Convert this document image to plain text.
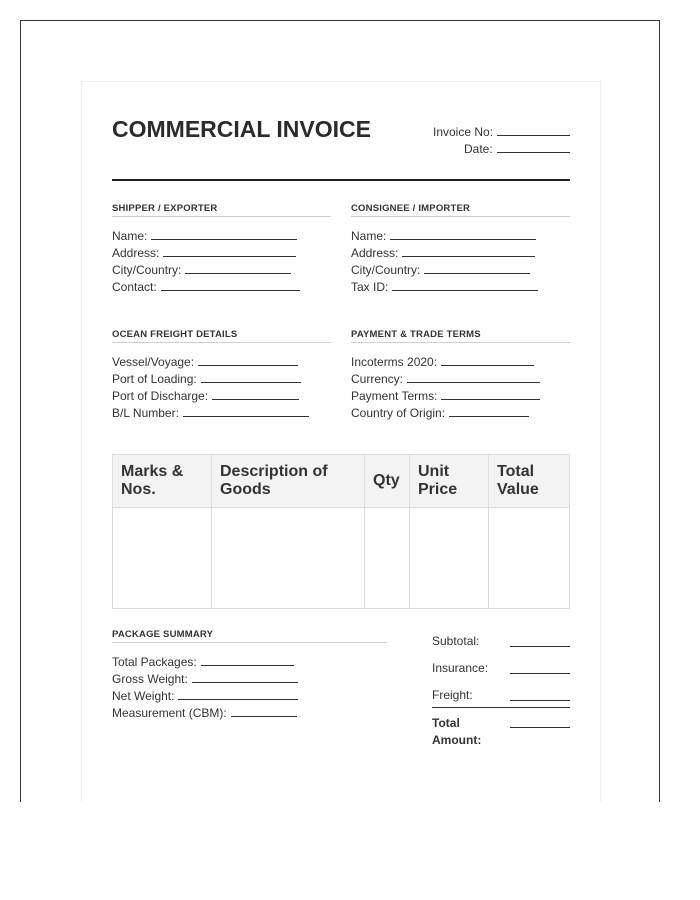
COMMERCIAL INVOICE	Invoice No:
Date:
SHIPPER / EXPORTER
Name:
Address:
City/Country:
Contact:
CONSIGNEE / IMPORTER
Name:
Address:
City/Country:
Tax ID:
OCEAN FREIGHT DETAILS
Vessel/Voyage:
Port of Loading:
Port of Discharge:
B/L Number:
PAYMENT & TRADE TERMS
Incoterms 2020:
Currency:
Payment Terms:
Country of Origin:
Marks & Nos.	Description of Goods	Qty	Unit Price	Total Value

PACKAGE SUMMARY
Total Packages:
Gross Weight:
Net Weight:
Measurement (CBM):
Subtotal:
Insurance:
Freight:
Total
Amount:
